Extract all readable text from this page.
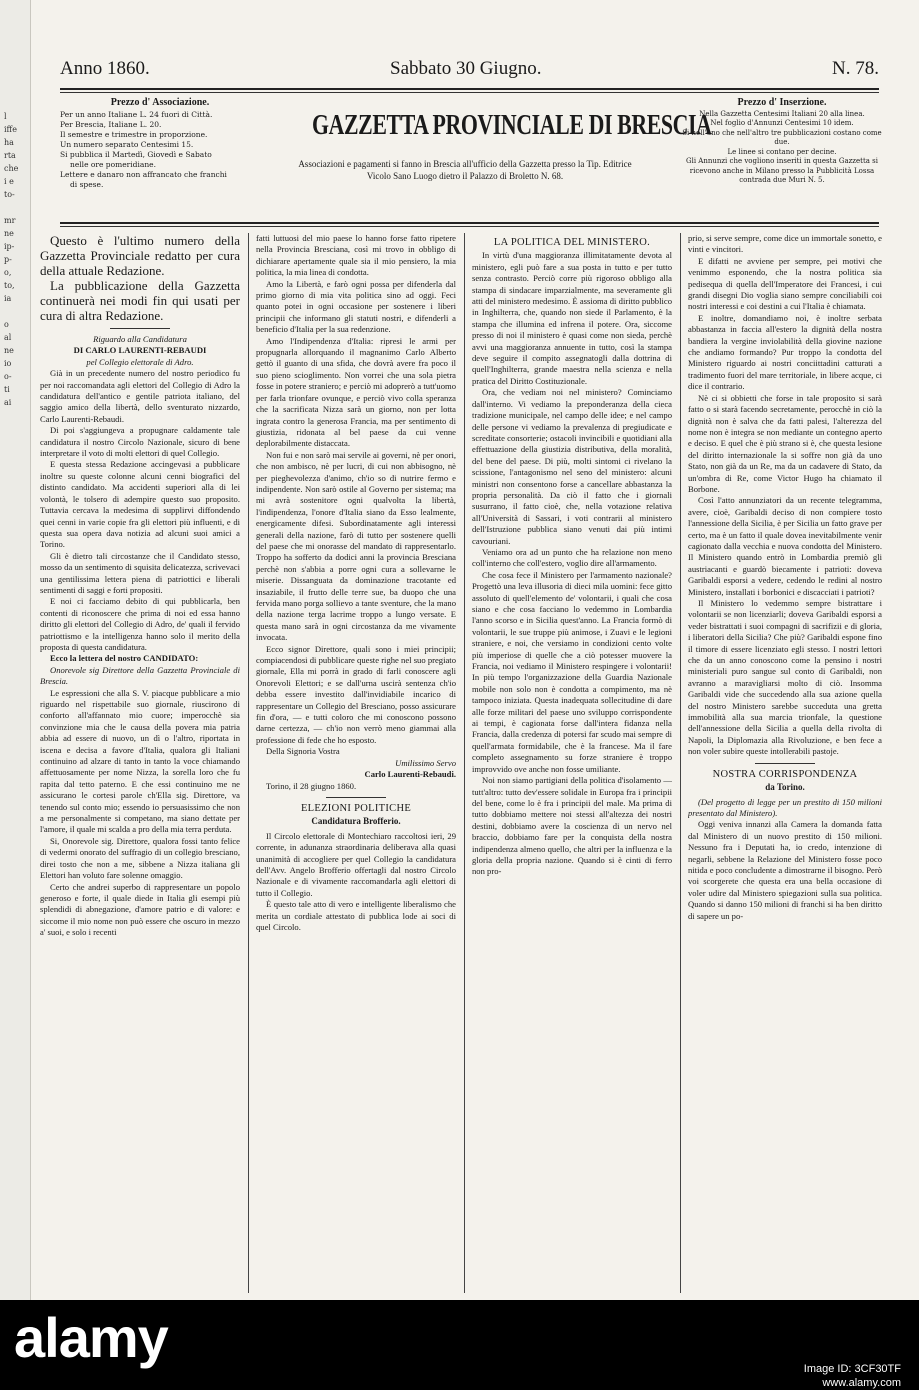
l
iffe
ha
rta
che
i e
to-

mr
ne
ip-
p-
o,
to,
ia

o
al
ne
io
o-
ti
ai
Anno 1860.	Sabbato 30 Giugno.	N. 78.
Prezzo d' Associazione.
Per un anno Italiane L. 24 fuori di Città.
Per Brescia, Italiane L. 20.
Il semestre e trimestre in proporzione.
Un numero separato Centesimi 15.
Si pubblica il Martedì, Giovedì e Sabato
nelle ore pomeridiane.
Lettere e danaro non affrancato che franchi
di spese.
GAZZETTA PROVINCIALE DI BRESCIA
Associazioni e pagamenti si fanno in Brescia all'ufficio della Gazzetta presso la Tip. Editrice
Vicolo Sano Luogo dietro il Palazzo di Broletto N. 68.
Prezzo d' Inserzione.
Nella Gazzetta Centesimi Italiani 20 alla linea.
Nel foglio d'Annunzi Centesimi 10 idem.
Si noll'uno che nell'altro tre pubblicazioni costano come due.
Le linee si contano per decine.
Gli Annunzi che vogliono inseriti in questa Gazzetta si ricevono anche in Milano presso la Pubblicità Lossa contrada due Muri N. 5.

Questo è l'ultimo numero della Gazzetta Provinciale redatto per cura della attuale Redazione.

La pubblicazione della Gazzetta continuerà nei modi fin qui usati per cura di altra Redazione.

Riguardo alla Candidatura

DI CARLO LAURENTI-REBAUDI

pel Collegio elettorale di Adro.

Già in un precedente numero del nostro periodico fu per noi raccomandata agli elettori del Collegio di Adro la candidatura dell'antico e gentile patriota italiano, del saggio amico della libertà, dello sventurato nizzardo, Carlo Laurenti-Rebaudi.

Di poi s'aggiungeva a propugnare caldamente tale candidatura il nostro Circolo Nazionale, sicuro di bene interpretare il voto di molti elettori di quel Collegio.

E questa stessa Redazione accingevasi a pubblicare inoltre su queste colonne alcuni cenni biografici del distinto candidato. Ma accidenti superiori alla di lei volontà, le tolsero di adempire questo suo proposito. Tuttavia cercava la medesima di supplirvi diffondendo quei cenni in varie copie fra gli elettori più influenti, e di questa sua opera dava notizia ad alcuni suoi amici a Torino.

Gli è dietro tali circostanze che il Candidato stesso, mosso da un sentimento di squisita delicatezza, scrivevaci una gentilissima lettera piena di patriottici e liberali sentimenti di saggi e forti propositi.

E noi ci facciamo debito di qui pubblicarla, ben contenti di riconoscere che prima di noi ed essa hanno diritto gli elettori del Collegio di Adro, de' quali il fervido patriottismo e la intelligenza hanno solo il merito della proposta di questa candidatura.

Ecco la lettera del nostro CANDIDATO:

Onorevole sig Direttore della Gazzetta Provinciale di Brescia.

Le espressioni che alla S. V. piacque pubblicare a mio riguardo nel rispettabile suo giornale, riuscirono di conforto all'affannato mio cuore; imperocchè sia convinzione mia che le causa della povera mia patria abbia ad essere di nuovo, un dì o l'altro, riportata in iscena e decisa a favore d'Italia, qualora gli Italiani continuino ad alzare di tanto in tanto la voce chiamando affettuosamente per nome Nizza, la sorella loro che fu rapita dal tetto paterno. E che essi continuino me ne assicurano le cortesi parole ch'Ella sig. Direttore, va tenendo sul conto mio; essendo io persuasissimo che non a me personalmente si competano, ma siano dettate per l'amore, il quale mi scalda a pro della mia terra perduta.

Si, Onorevole sig. Direttore, qualora fossi tanto felice di vedermi onorato del suffragio di un collegio bresciano, direi tosto che non a me, sibbene a Nizza italiana gli Elettori han voluto fare solenne omaggio.

Certo che andrei superbo di rappresentare un popolo generoso e forte, il quale diede in Italia gli esempi più splendidi di abnegazione, d'amore patrio e di valore: e siccome il mio nome non può essere che oscuro in mezzo a' suoi, e solo i recenti

fatti luttuosi del mio paese lo hanno forse fatto ripetere nella Provincia Bresciana, così mi trovo in obbligo di dichiarare apertamente quale sia il mio pensiero, la mia politica, la mia linea di condotta.

Amo la Libertà, e farò ogni possa per difenderla dal primo giorno di mia vita politica sino ad oggi. Feci quanto potei in ogni occasione per sostenere i liberi principii che informano gli statuti nostri, e difenderli a beneficio d'Italia per la sua redenzione.

Amo l'Indipendenza d'Italia: ripresi le armi per propugnarla allorquando il magnanimo Carlo Alberto gettò il guanto di una sfida, che dovrà avere fra poco il suo pieno scioglimento. Non vorrei che una sola pietra fosse in potere straniero; e perciò mi adoprerò a tutt'uomo per farla trionfare ovunque, e perciò vivo colla speranza che la sacrificata Nizza sarà un giorno, non per lotta ingrata contro la generosa Francia, ma per sentimento di giustizia, ridonata al bel paese da cui venne deplorabilmente distaccata.

Non fui e non sarò mai servile ai governi, nè per onori, che non ambisco, nè per lucri, di cui non abbisogno, nè per pieghevolezza d'animo, ch'io so di nutrire fermo e indipendente. Non sarò ostile al Governo per sistema; ma mi avrà sostenitore ogni qualvolta la libertà, l'indipendenza, l'onore d'Italia siano da Esso lealmente, energicamente difesi. Subordinatamente agli interessi generali della nazione, farò di tutto per sostenere quelli del paese che mi onorasse del mandato di rappresentarlo. Troppo ha sofferto da dodici anni la provincia Bresciana perchè non s'abbia a porre ogni cura a sollevarne le miserie. Dissanguata da dominazione tracotante ed insaziabile, il frutto delle terre sue, ba duopo che una fervida mano porga sollievo a tante sventure, che la mano della nazione terga lacrime troppo a lungo versate. E questa mano sarà in ogni circostanza da me vivamente invocata.

Ecco signor Direttore, quali sono i miei principii; compiacendosi di pubblicare queste righe nel suo pregiato giornale, Ella mi porrà in grado di farli conoscere agli Onorevoli Elettori; e se dall'urna uscirà sentenza ch'io debba essere investito dall'invidiabile incarico di rappresentare un Collegio del Bresciano, posso assicurare fin d'ora, — e tutti coloro che mi conoscono possono darne certezza, — ch'io non verrò meno giammai alla professione di fede che ho esposto.

Della Signoria Vostra

Umilissimo Servo

Carlo Laurenti-Rebaudi.

Torino, il 28 giugno 1860.

ELEZIONI POLITICHE
Candidatura Brofferio.

Il Circolo elettorale di Montechiaro raccoltosi ieri, 29 corrente, in adunanza straordinaria deliberava alla quasi unanimità di accogliere per quel Collegio la candidatura dell'Avv. Angelo Brofferio offertagli dal nostro Circolo Nazionale e di vivamente raccomandarla agli elettori di tutto il Collegio.

È questo tale atto di vero e intelligente liberalismo che merita un cordiale attestato di pubblica lode ai soci di quel Circolo.

LA POLITICA DEL MINISTERO.

In virtù d'una maggioranza illimitatamente devota al ministero, egli può fare a sua posta in tutto e per tutto senza contrasto. Perciò corre più rigoroso obbligo alla stampa di sindacare imparzialmente, ma severamente gli atti del ministero medesimo. È assioma di diritto pubblico in Inghilterra, che, quando non siede il Parlamento, è la stampa che illumina ed infrena il potere. Ora, siccome presso di noi il ministero è quasi come non sieda, perchè avvi una maggioranza annuente in tutto, così la stampa deve seguire il compito assegnatogli dalla dottrina di quell'Inghilterra, grande maestra nella scienza e nella pratica del Diritto Costituzionale.

Ora, che vediam noi nel ministero? Cominciamo dall'interno. Vi vediamo la preponderanza della cieca tradizione municipale, nel campo delle idee; e nel campo delle persone vi vediamo la prevalenza di pregiudicate e screditate consorterie; ostacoli invincibili e quotidiani alla effettuazione della giustizia distributiva, della moralità, del bene del paese. Di più, molti sintomi ci rivelano la scissione, l'antagonismo nel seno del ministero: alcuni ministri non consentono forse a cancellare abbastanza la propria personalità. Da ciò il fatto che i giornali susurrano, il fatto cioè, che, nella votazione relativa all'Università di Sassari, i voti contrarii al ministero dell'Istruzione pubblica siano venuti dai più intimi cavouriani.

Veniamo ora ad un punto che ha relazione non meno coll'interno che coll'estero, voglio dire all'armamento.

Che cosa fece il Ministero per l'armamento nazionale? Progettò una leva illusoria di dieci mila uomini: fece gitto assoluto di quell'elemento de' volontarii, i quali che cosa siano e che cosa facciano lo vedemmo in Lombardia l'anno scorso e in Sicilia quest'anno. La Francia formò di volontarii, le sue truppe più animose, i Zuavi e le legioni straniere, e noi, che versiamo in condizioni cento volte più imperiose di quelle che a ciò potesser muovere la Francia, noi vediamo il Ministero respingere i volontarii! In più tempo l'organizzazione della Guardia Nazionale mobile non solo non è condotta a compimento, ma nè tampoco iniziata. Questa inadequata sollecitudine di dare alle forze militari del paese uno sviluppo corrispondente ai tempi, è cagionata forse dall'intera fidanza nella Francia, dalla credenza di potersi far scudo mai sempre di quell'armata formidabile, che è la francese. Ma il fare completo assegnamento su forze straniere è troppo improvvido ove anche non fosse umiliante.

Noi non siamo partigiani della politica d'isolamento — tutt'altro: tutto dev'essere solidale in Europa fra i principii del bene, come lo è fra i principii del male. Ma prima di tutto dobbiamo mettere noi stessi all'altezza dei nostri destini, dobbiamo avere la coscienza di un nervo nel braccio, dobbiamo fare per la conquista della nostra indipendenza almeno quello, che altri per la influenza e la gloria della propria nazione. Quando si è cinti di ferro non pro-

prio, si serve sempre, come dice un immortale sonetto, e vinti e vincitori.

E difatti ne avviene per sempre, pei motivi che venimmo esponendo, che la nostra politica sia pedisequa di quella dell'Imperatore dei Francesi, i cui grandi disegni Dio voglia siano sempre conciliabili coi nostri interessi e coi destini a cui l'Italia è chiamata.

E inoltre, domandiamo noi, è inoltre serbata abbastanza in faccia all'estero la dignità della nostra bandiera la vergine inviolabilità della giovine nazione che andiamo formando? Pur troppo la condotta del Ministero riguardo ai nostri conciittadini catturati a tradimento fuori del mare territoriale, in libere acque, ci dice il contrario.

Nè ci si obbietti che forse in tale proposito si sarà fatto o si starà facendo secretamente, perocchè in ciò la dignità non è salva che da fatti palesi, l'alterezza del nome non è integra se non mediante un contegno aperto e deciso. E quel che è più strano si è, che questa lesione del diritto internazionale la si soffre non già da uno Stato, non già da un Re, ma da un cadavere di Stato, da un'ombra di Re, come Victor Hugo ha chiamato il Borbone.

Così l'atto annunziatori da un recente telegramma, avere, cioè, Garibaldi deciso di non compiere tosto l'annessione della Sicilia, è per Sicilia un fatto grave per certo, ma è un fatto il quale dovea inevitabilmente venir cagionato dalla vecchia e nuova condotta del Ministero. Il Ministero quando entrò in Lombardia premiò gli austriacanti e guardò biecamente i patrioti: doveva Garibaldi esporsi a vedere, cedendo le redini al nostro Ministero, installati i borbonici e discacciati i patrioti?

Il Ministero lo vedemmo sempre bistrattare i volontarii se non licenziarli; doveva Garibaldi esporsi a veder bistrattati i suoi compagni di sacrifizii e di gloria, i liberatori della Sicilia? Che più? Garibaldi espone fino il timore di essere licenziato egli stesso. I nostri lettori che da un anno conoscono come la pensino i nostri ministeriali puro sangue sul conto di Garibaldi, non avranno a maravigliarsi molto di ciò. Insomma Garibaldi vide che succedendo alla sua azione quella del nostro Ministero sarebbe succeduta una gretta immobilità alla sua marcia trionfale, la questione dell'annessione della Sicilia a quella della rivolta di Napoli, la Diplomazia alla Rivoluzione, e ben fece a non voler subire queste intollerabili pastoje.

NOSTRA CORRISPONDENZA
da Torino.

(Del progetto di legge per un prestito di 150 milioni presentato dal Ministero).

Oggi veniva innanzi alla Camera la domanda fatta dal Ministero di un nuovo prestito di 150 milioni. Nessuno fra i Deputati ha, io credo, intenzione di negarli, sebbene la Relazione del Ministero fosse poco nitida e poco concludente a dimostrarne il bisogno. Però voi scorgerete che questa era una bella occasione di voler udire dal Ministero spiegazioni sulla sua politica. Quando si danno 150 milioni di franchi si ha ben diritto di sapere un po-

alamy	Image ID: 3CF30TF
www.alamy.com
